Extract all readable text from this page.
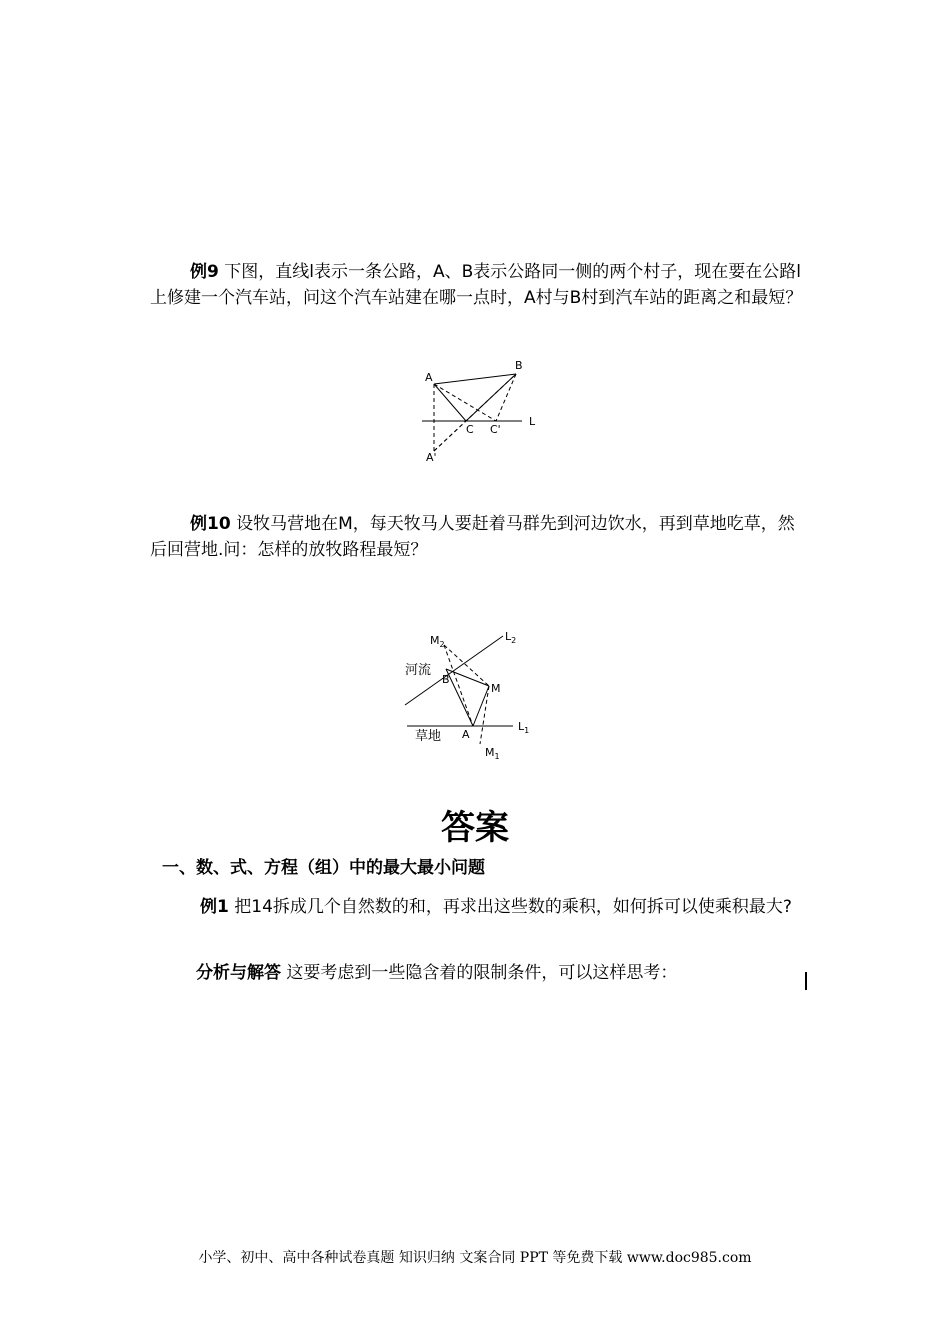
例9 下图，直线l表示一条公路，A、B表示公路同一侧的两个村子，现在要在公路l上修建一个汽车站，问这个汽车站建在哪一点时，A村与B村到汽车站的距离之和最短？
A
B
A'
C C'
L
$M_2$
$L_2$
河流
B
M
草地 A
$L_1$
$M_1$
例10 设牧马营地在M，每天牧马人要赶着马群先到河边饮水，再到草地吃草，然后回营地.问：怎样的放牧路程最短？
答案
一、数、式、方程（组）中的最大最小问题
例1 把14拆成几个自然数的和，再求出这些数的乘积，如何拆可以使乘积最大?
分析与解答 这要考虑到一些隐含着的限制条件，可以这样思考：
小学、初中、高中各种试卷真题 知识归纳 文案合同 PPT 等免费下载 www.doc985.com
